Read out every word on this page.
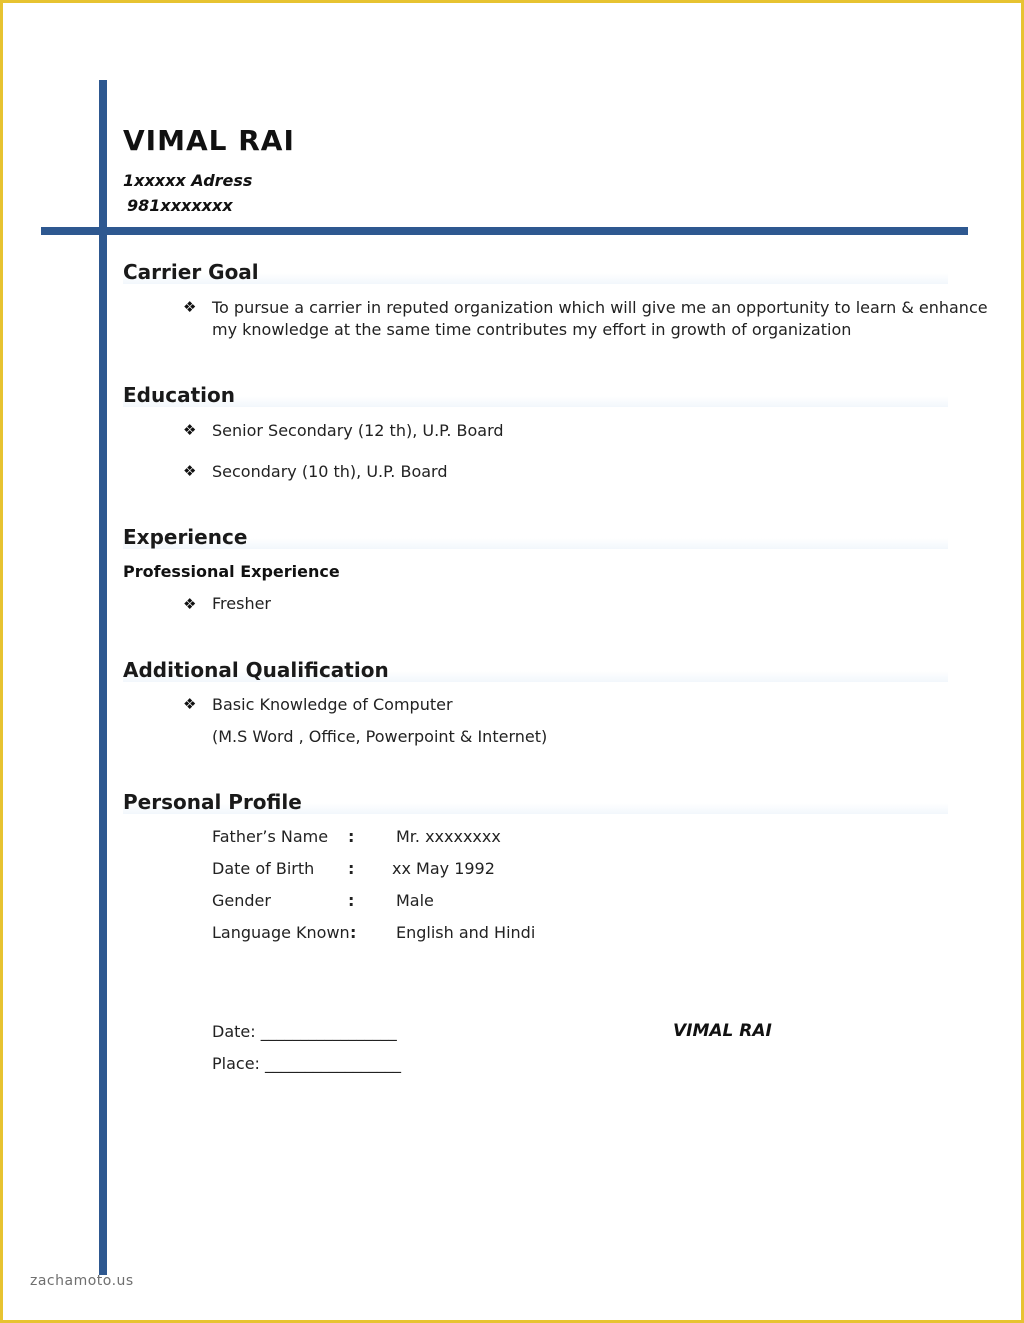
VIMAL RAI
1xxxxx Adress
981xxxxxxx
Carrier Goal
❖ To pursue a carrier in reputed organization which will give me an opportunity to learn & enhance
my knowledge at the same time contributes my effort in growth of organization
Education
❖ Senior Secondary (12 th), U.P. Board
❖ Secondary (10 th), U.P. Board
Experience
Professional Experience
❖ Fresher
Additional Qualification
❖ Basic Knowledge of Computer
(M.S Word , Office, Powerpoint & Internet)
Personal Profile
Father’s Name :	Mr. xxxxxxxx
Date of Birth : xx May 1992
Gender	:	Male
Language Known : English and Hindi
Date: _________________
Place: _________________
VIMAL RAI
zachamoto.us
